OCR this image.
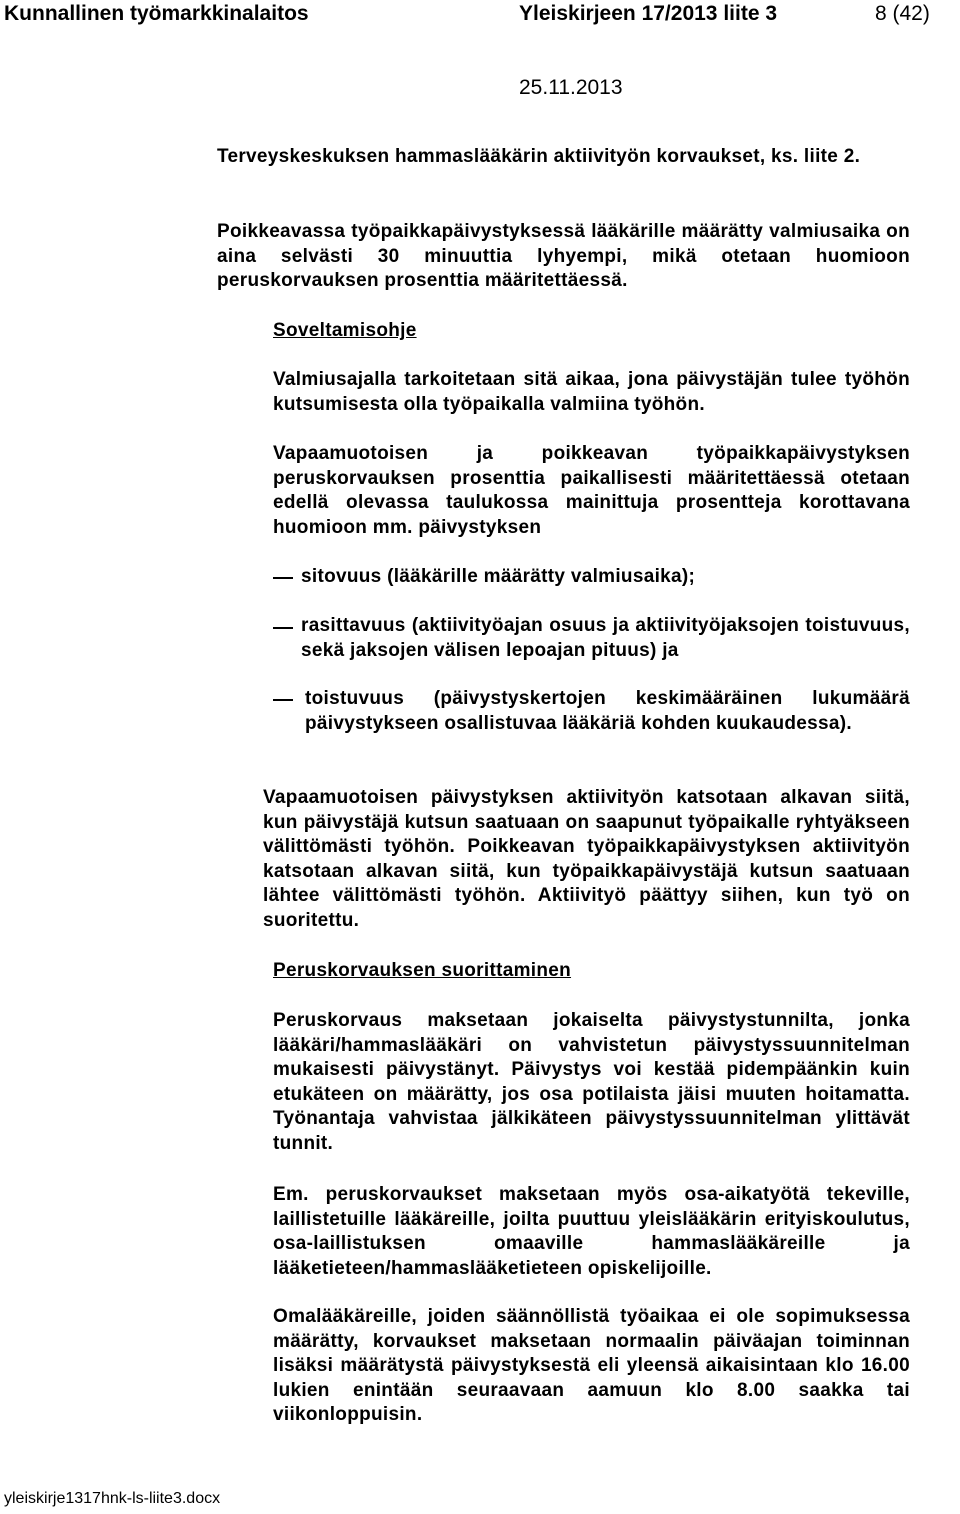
Kunnallinen työmarkkinalaitos	Yleiskirjeen 17/2013 liite 3	8 (42)
25.11.2013

Terveyskeskuksen hammaslääkärin aktiivityön korvaukset, ks. liite 2.

Poikkeavassa työpaikkapäivystyksessä lääkärille määrätty valmiusaika on aina selvästi 30 minuuttia lyhyempi, mikä otetaan huomioon peruskorvauksen prosenttia määritettäessä.

Soveltamisohje

Valmiusajalla tarkoitetaan sitä aikaa, jona päivystäjän tulee työhön kutsumisesta olla työpaikalla valmiina työhön.

Vapaamuotoisen ja poikkeavan työpaikkapäivystyksen peruskorvauksen prosenttia paikallisesti määritettäessä otetaan edellä olevassa taulukossa mainittuja prosentteja korottavana huomioon mm. päivystyksen

sitovuus (lääkärille määrätty valmiusaika);

rasittavuus (aktiivityöajan osuus ja aktiivityöjaksojen toistuvuus, sekä jaksojen välisen lepoajan pituus) ja

toistuvuus (päivystyskertojen keskimääräinen lukumäärä päivystykseen osallistuvaa lääkäriä kohden kuukaudessa).

Vapaamuotoisen päivystyksen aktiivityön katsotaan alkavan siitä, kun päivystäjä kutsun saatuaan on saapunut työpaikalle ryhtyäkseen välittömästi työhön. Poikkeavan työpaikkapäivystyksen aktiivityön katsotaan alkavan siitä, kun työpaikkapäivystäjä kutsun saatuaan lähtee välittömästi työhön. Aktiivityö päättyy siihen, kun työ on suoritettu.

Peruskorvauksen suorittaminen

Peruskorvaus maksetaan jokaiselta päivystystunnilta, jonka lääkäri/hammaslääkäri on vahvistetun päivystyssuunnitelman mukaisesti päivystänyt. Päivystys voi kestää pidempäänkin kuin etukäteen on määrätty, jos osa potilaista jäisi muuten hoitamatta. Työnantaja vahvistaa jälkikäteen päivystyssuunnitelman ylittävät tunnit.

Em. peruskorvaukset maksetaan myös osa-aikatyötä tekeville, laillistetuille lääkäreille, joilta puuttuu yleislääkärin erityiskoulutus, osa-laillistuksen omaaville hammaslääkäreille ja lääketieteen/hammaslääketieteen opiskelijoille.

Omalääkäreille, joiden säännöllistä työaikaa ei ole sopimuksessa määrätty, korvaukset maksetaan normaalin päiväajan toiminnan lisäksi määrätystä päivystyksestä eli yleensä aikaisintaan klo 16.00 lukien enintään seuraavaan aamuun klo 8.00 saakka tai viikonloppuisin.

yleiskirje1317hnk-ls-liite3.docx
